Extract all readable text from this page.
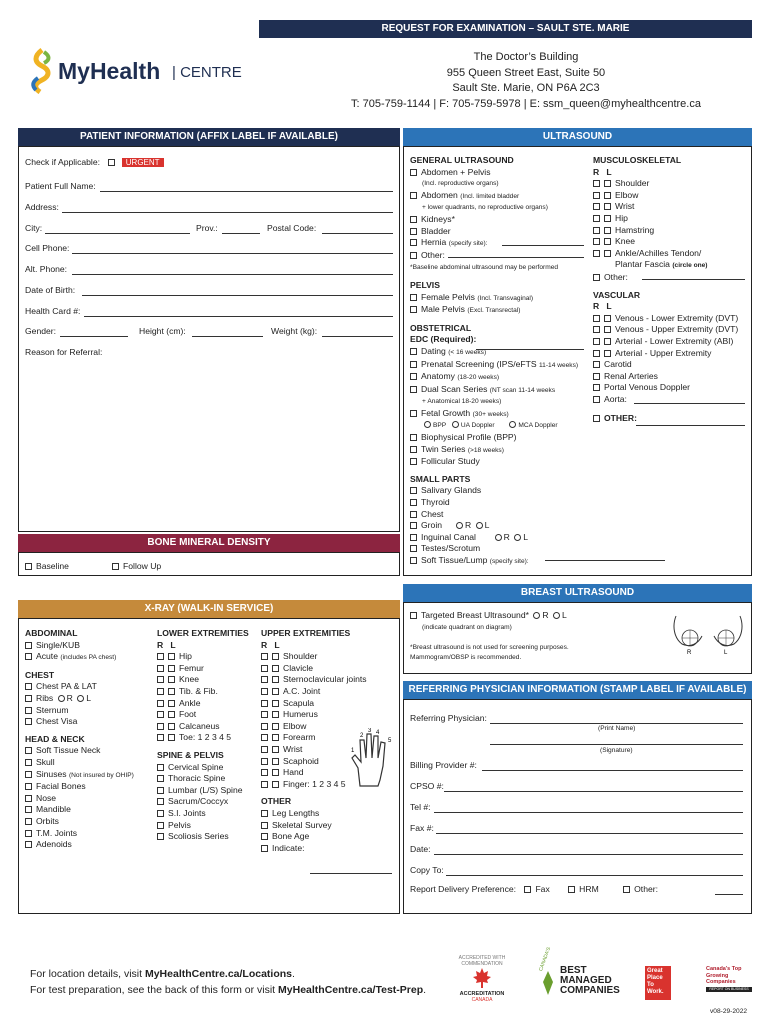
REQUEST FOR EXAMINATION – SAULT STE. MARIE
MyHealth | CENTRE
The Doctor’s Building
955 Queen Street East, Suite 50
Sault Ste. Marie, ON P6A 2C3
T: 705-759-1144 | F: 705-759-5978 | E: ssm_queen@myhealthcentre.ca
PATIENT INFORMATION (AFFIX LABEL IF AVAILABLE)
Check if Applicable:	URGENT
Patient Full Name:
Address:
City:	Prov.:	Postal Code:
Cell Phone:
Alt. Phone:
Date of Birth:
Health Card #:
Gender:	Height (cm):	Weight (kg):
Reason for Referral:
BONE MINERAL DENSITY
Baseline	Follow Up
X-RAY (WALK-IN SERVICE)
ABDOMINAL
Single/KUB
Acute (includes PA chest)
CHEST
Chest PA & LAT
Ribs R L
Sternum
Chest Visa
HEAD & NECK
Soft Tissue Neck
Skull
Sinuses (Not insured by OHIP)
Facial Bones
Nose
Mandible
Orbits
T.M. Joints
Adenoids
LOWER EXTREMITIES
R L
Hip
Femur
Knee
Tib. & Fib.
Ankle
Foot
Calcaneus
Toe: 1 2 3 4 5
SPINE & PELVIS
Cervical Spine
Thoracic Spine
Lumbar (L/S) Spine
Sacrum/Coccyx
S.I. Joints
Pelvis
Scoliosis Series
UPPER EXTREMITIES
R L
Shoulder
Clavicle
Sternoclavicular joints
A.C. Joint
Scapula
Humerus
Elbow
Forearm
Wrist
Scaphoid
Hand
Finger: 1 2 3 4 5
OTHER
Leg Lengths
Skeletal Survey
Bone Age
Indicate:
1
2
3 4
5
ULTRASOUND
GENERAL ULTRASOUND
Abdomen + Pelvis
(Incl. reproductive organs)
Abdomen (Incl. limited bladder
+ lower quadrants, no reproductive organs)
Kidneys*
Bladder
Hernia (specify site):
Other:
*Baseline abdominal ultrasound may be performed
PELVIS
Female Pelvis (Incl. Transvaginal)
Male Pelvis (Excl. Transrectal)
OBSTETRICAL
EDC (Required):
Dating (< 16 weeks)
Prenatal Screening (IPS/eFTS 11-14 weeks)
Anatomy (18-20 weeks)
Dual Scan Series (NT scan 11-14 weeks
+ Anatomical 18-20 weeks)
Fetal Growth (30+ weeks)
BPP UA Doppler	MCA Doppler
Biophysical Profile (BPP)
Twin Series (>18 weeks)
Follicular Study
SMALL PARTS
Salivary Glands
Thyroid
Chest
Groin	R L
Inguinal Canal	R L
Testes/Scrotum
Soft Tissue/Lump (specify site):
MUSCULOSKELETAL
R L
Shoulder
Elbow
Wrist
Hip
Hamstring
Knee
Ankle/Achilles Tendon/
Plantar Fascia (circle one)
Other:
VASCULAR
R L
Venous - Lower Extremity (DVT)
Venous - Upper Extremity (DVT)
Arterial - Lower Extremity (ABI)
Arterial - Upper Extremity
Carotid
Renal Arteries
Portal Venous Doppler
Aorta:
OTHER:
BREAST ULTRASOUND
Targeted Breast Ultrasound* R L
(indicate quadrant on diagram)
*Breast ultrasound is not used for screening purposes.
Mammogram/OBSP is recommended.
R	L
REFERRING PHYSICIAN INFORMATION (STAMP LABEL IF AVAILABLE)
Referring Physician:
(Print Name)
(Signature)
Billing Provider #:
CPSO #:
Tel #:
Fax #:
Date:
Copy To:
Report Delivery Preference: Fax	HRM	Other:
For location details, visit MyHealthCentre.ca/Locations.
For test preparation, see the back of this form or visit MyHealthCentre.ca/Test-Prep.
ACCREDITED WITH COMMENDATION
ACCREDITATION
CANADA
CANADA'S BEST
MANAGED
COMPANIES
Great Place To Work.
Canada's Top Growing Companies
REPORT ON BUSINESS
v08-29-2022
